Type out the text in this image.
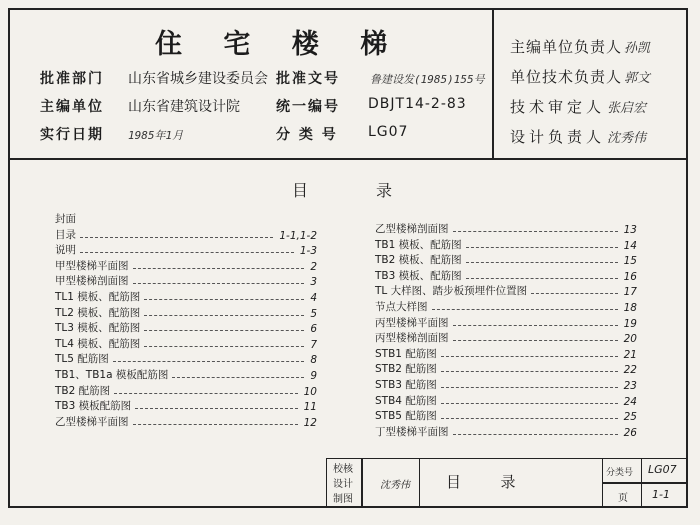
住 宅 楼 梯
批准部门 山东省城乡建设委员会 批准文号	鲁建设发(1985)155号
主编单位 山东省建筑设计院	统一编号 DBJT14-2-83
实行日期 1985年1月	分 类 号 LG07
主编单位负责人 孙凯
单位技术负责人 郭文
技术审定人 张启宏
设计负责人 沈秀伟
目	录
封面
目录	1-1,1-2
说明	1-3
甲型楼梯平面图	2
甲型楼梯剖面图	3
TL1 模板、配筋图	4
TL2 模板、配筋图	5
TL3 模板、配筋图	6
TL4 模板、配筋图	7
TL5 配筋图	8
TB1、TB1a 模板配筋图	9
TB2 配筋图	10
TB3 模板配筋图	11
乙型楼梯平面图	12
乙型楼梯剖面图	13
TB1 模板、配筋图	14
TB2 模板、配筋图	15
TB3 模板、配筋图	16
TL 大样图、踏步板预埋件位置图	17
节点大样图	18
丙型楼梯平面图	19
丙型楼梯剖面图	20
STB1 配筋图	21
STB2 配筋图	22
STB3 配筋图	23
STB4 配筋图	24
STB5 配筋图	25
丁型楼梯平面图	26
校核
设计
制图
沈秀伟 目  录	分类号 LG07
页 1-1
